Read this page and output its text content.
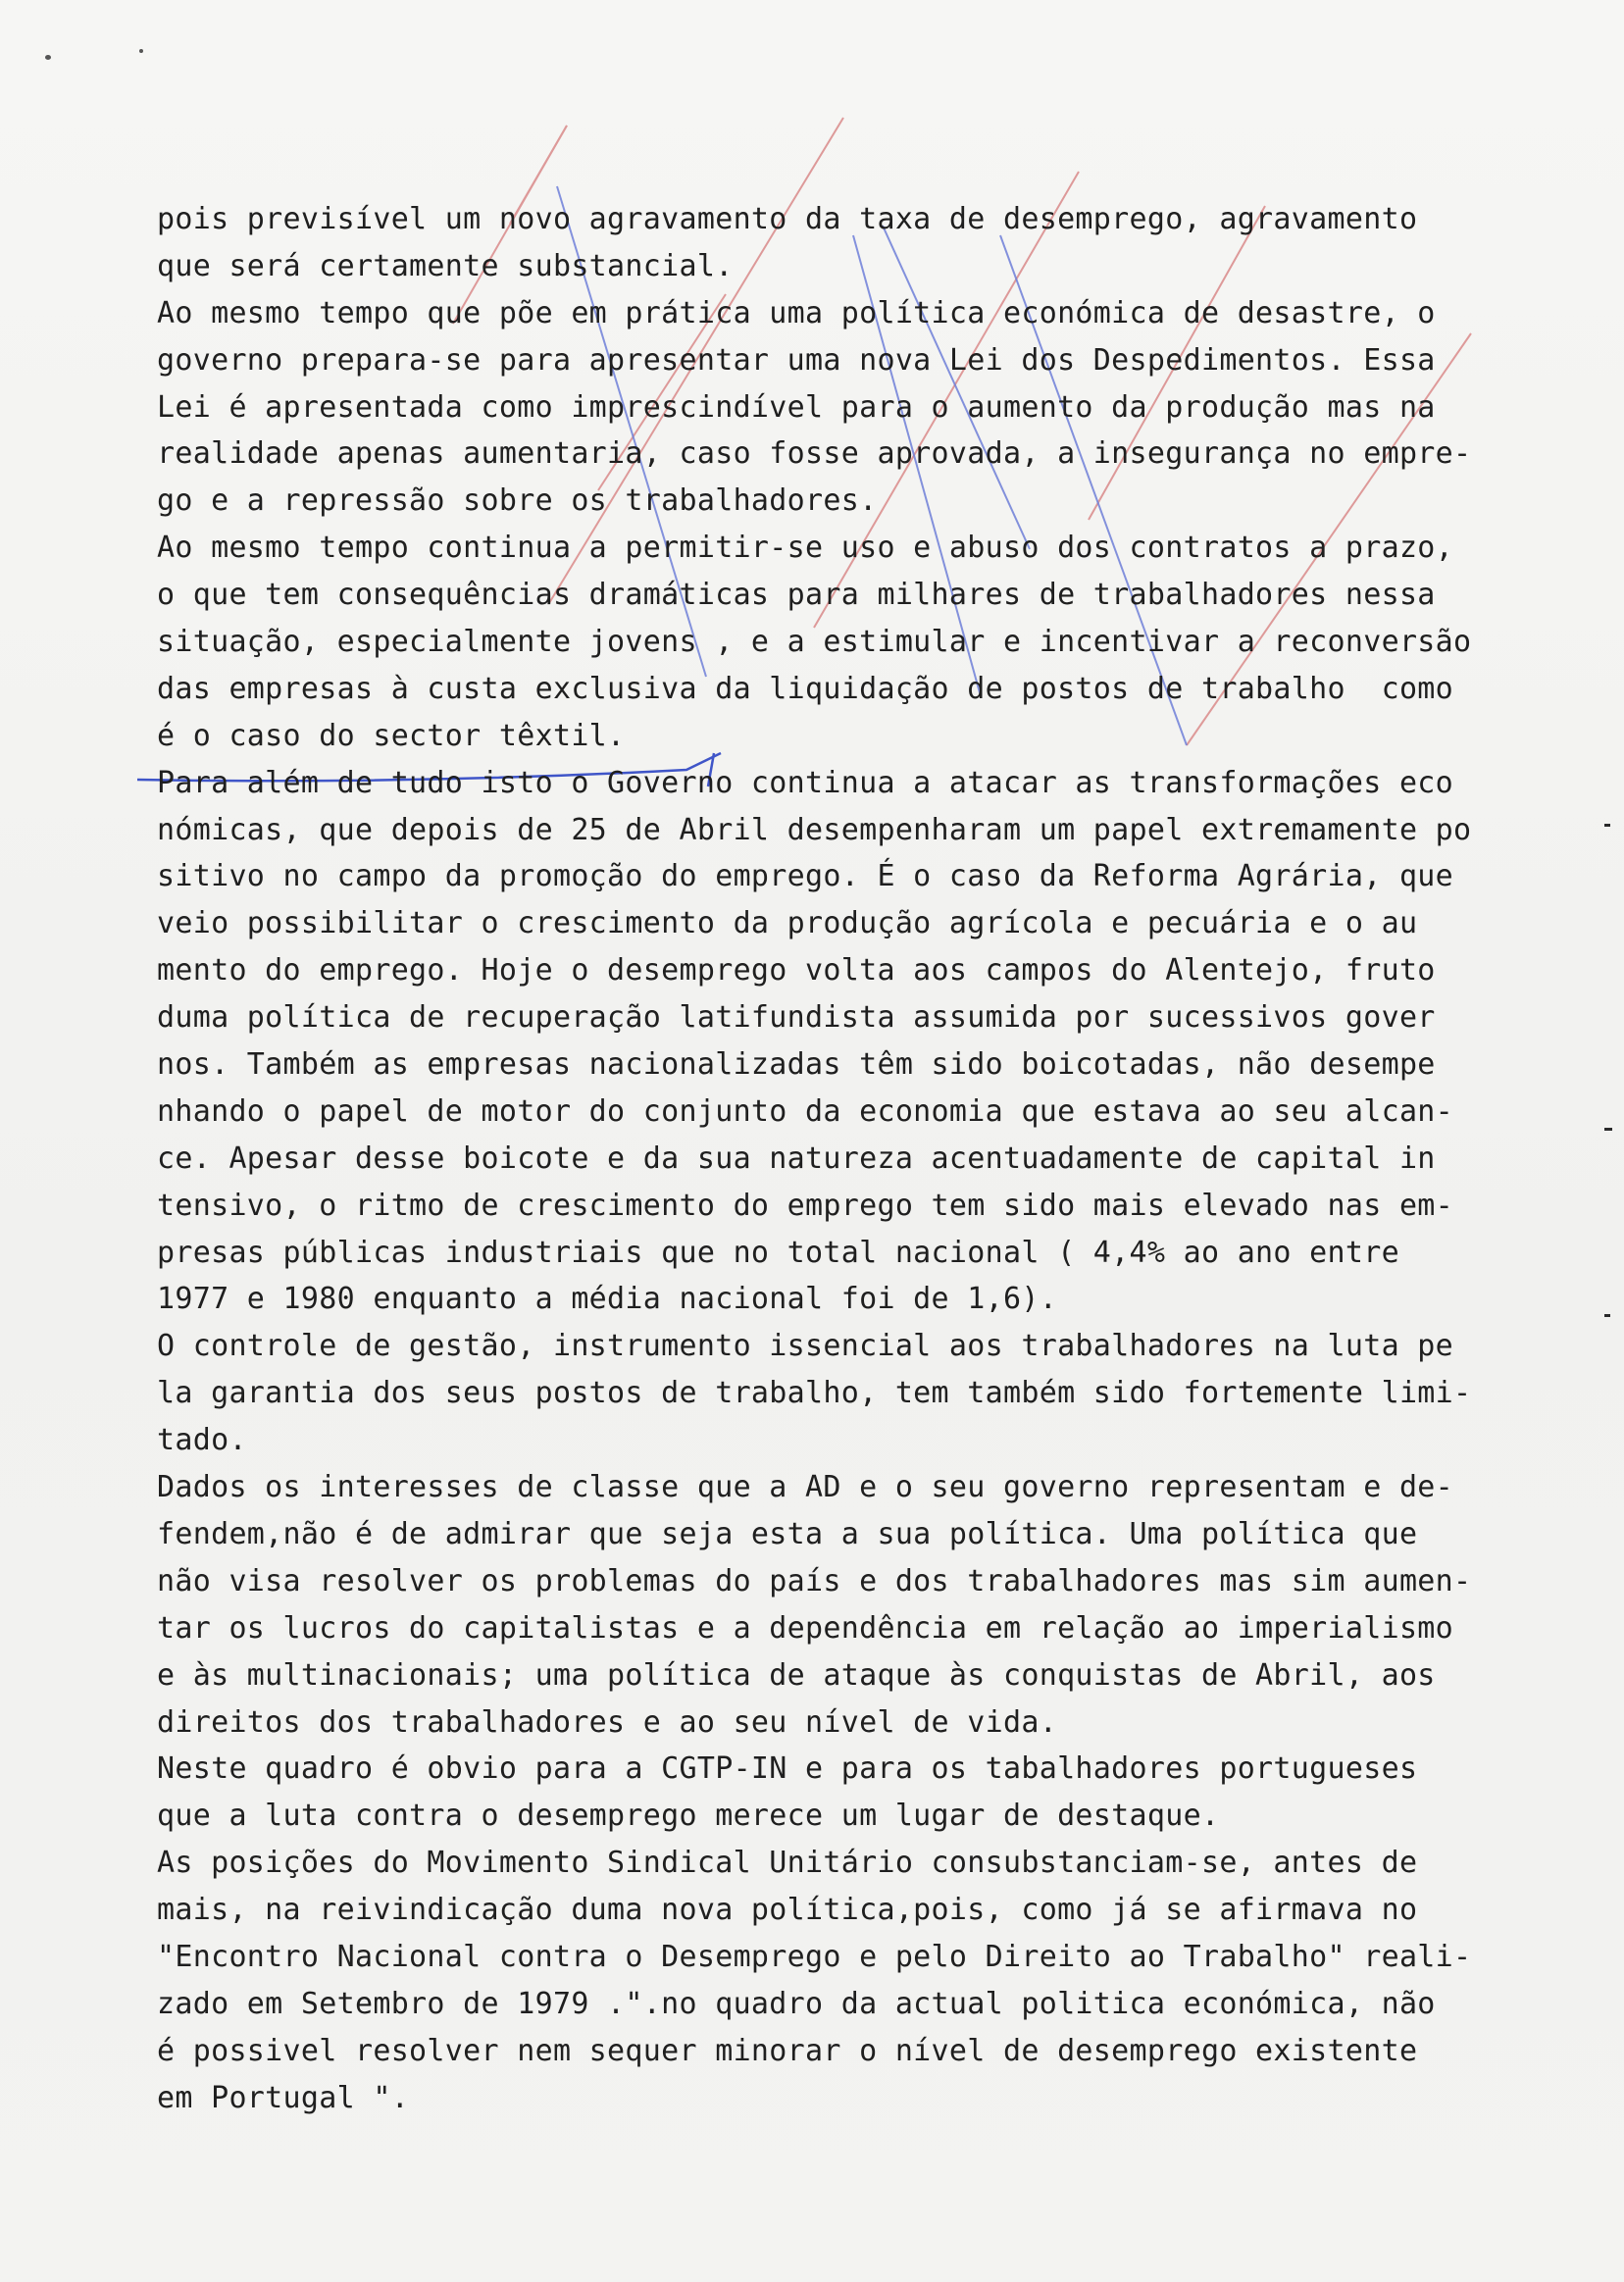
pois previsível um novo agravamento da taxa de desemprego, agravamento
que será certamente substancial.
Ao mesmo tempo que põe em prática uma política económica de desastre, o
governo prepara-se para apresentar uma nova Lei dos Despedimentos. Essa
Lei é apresentada como imprescindível para o aumento da produção mas na
realidade apenas aumentaria, caso fosse aprovada, a insegurança no empre-
go e a repressão sobre os trabalhadores.
Ao mesmo tempo continua a permitir-se uso e abuso dos contratos a prazo,
o que tem consequências dramáticas para milhares de trabalhadores nessa
situação, especialmente jovens , e a estimular e incentivar a reconversão
das empresas à custa exclusiva da liquidação de postos de trabalho  como
é o caso do sector têxtil.
Para além de tudo isto o Governo continua a atacar as transformações eco
nómicas, que depois de 25 de Abril desempenharam um papel extremamente po
sitivo no campo da promoção do emprego. É o caso da Reforma Agrária, que
veio possibilitar o crescimento da produção agrícola e pecuária e o au
mento do emprego. Hoje o desemprego volta aos campos do Alentejo, fruto
duma política de recuperação latifundista assumida por sucessivos gover
nos. Também as empresas nacionalizadas têm sido boicotadas, não desempe
nhando o papel de motor do conjunto da economia que estava ao seu alcan-
ce. Apesar desse boicote e da sua natureza acentuadamente de capital in
tensivo, o ritmo de crescimento do emprego tem sido mais elevado nas em-
presas públicas industriais que no total nacional ( 4,4% ao ano entre
1977 e 1980 enquanto a média nacional foi de 1,6).
O controle de gestão, instrumento issencial aos trabalhadores na luta pe
la garantia dos seus postos de trabalho, tem também sido fortemente limi-
tado.
Dados os interesses de classe que a AD e o seu governo representam e de-
fendem,não é de admirar que seja esta a sua política. Uma política que
não visa resolver os problemas do país e dos trabalhadores mas sim aumen-
tar os lucros do capitalistas e a dependência em relação ao imperialismo
e às multinacionais; uma política de ataque às conquistas de Abril, aos
direitos dos trabalhadores e ao seu nível de vida.
Neste quadro é obvio para a CGTP-IN e para os tabalhadores portugueses
que a luta contra o desemprego merece um lugar de destaque.
As posições do Movimento Sindical Unitário consubstanciam-se, antes de
mais, na reivindicação duma nova política,pois, como já se afirmava no
"Encontro Nacional contra o Desemprego e pelo Direito ao Trabalho" reali-
zado em Setembro de 1979 .".no quadro da actual politica económica, não
é possivel resolver nem sequer minorar o nível de desemprego existente
em Portugal ".
